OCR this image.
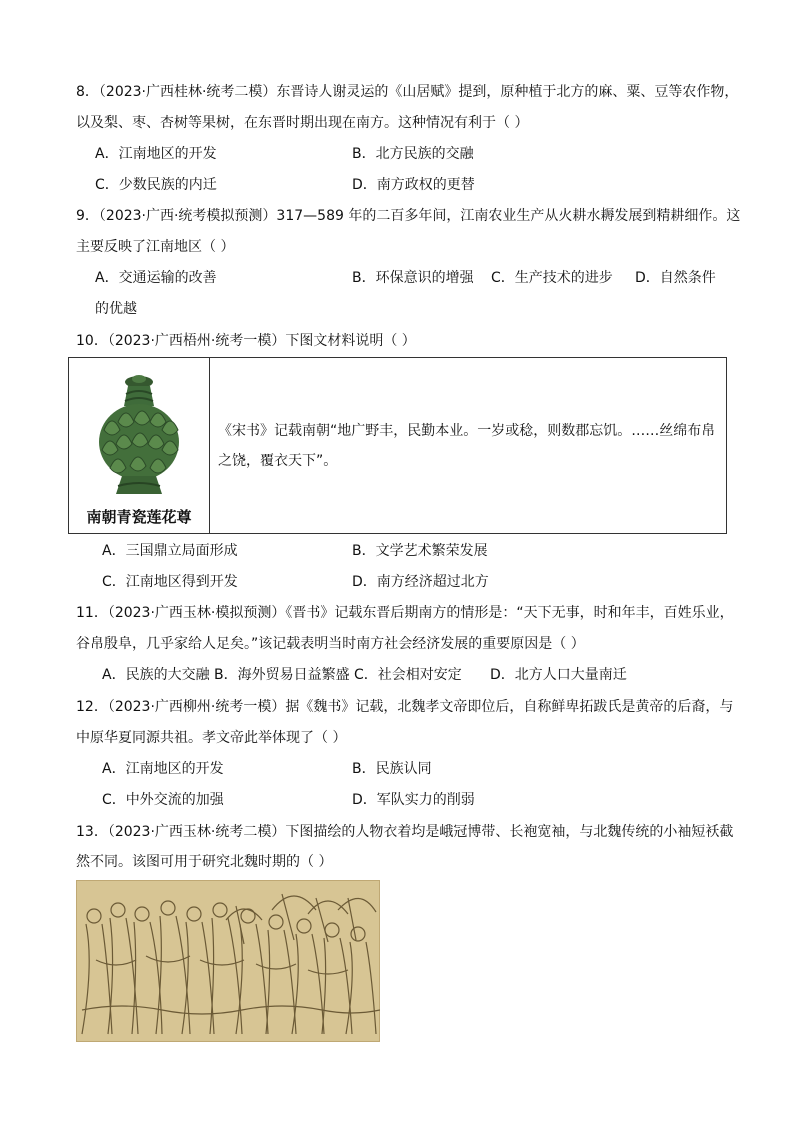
8．（2023·广西桂林·统考二模）东晋诗人谢灵运的《山居赋》提到，原种植于北方的麻、粟、豆等农作物，
以及梨、枣、杏树等果树，在东晋时期出现在南方。这种情况有利于（ ）
A．江南地区的开发	B．北方民族的交融
C．少数民族的内迁	D．南方政权的更替
9．（2023·广西·统考模拟预测）317—589 年的二百多年间，江南农业生产从火耕水耨发展到精耕细作。这
主要反映了江南地区（ ）
A．交通运输的改善	B．环保意识的增强 C．生产技术的进步 D．自然条件
的优越
10．（2023·广西梧州·统考一模）下图文材料说明（ ）
南朝青瓷莲花尊

《宋书》记载南朝“地广野丰，民勤本业。一岁或稔，则数郡忘饥。……丝绵布帛
之饶，覆衣天下”。
A．三国鼎立局面形成	B．文学艺术繁荣发展
C．江南地区得到开发	D．南方经济超过北方
11．（2023·广西玉林·模拟预测）《晋书》记载东晋后期南方的情形是：“天下无事，时和年丰，百姓乐业，
谷帛殷阜，几乎家给人足矣。”该记载表明当时南方社会经济发展的重要原因是（ ）
A．民族的大交融 B．海外贸易日益繁盛 C．社会相对安定 D．北方人口大量南迁
12．（2023·广西柳州·统考一模）据《魏书》记载，北魏孝文帝即位后，自称鲜卑拓跋氏是黄帝的后裔，与
中原华夏同源共祖。孝文帝此举体现了（ ）
A．江南地区的开发	B．民族认同
C．中外交流的加强	D．军队实力的削弱
13．（2023·广西玉林·统考二模）下图描绘的人物衣着均是峨冠博带、长袍宽袖，与北魏传统的小袖短袄截
然不同。该图可用于研究北魏时期的（ ）
